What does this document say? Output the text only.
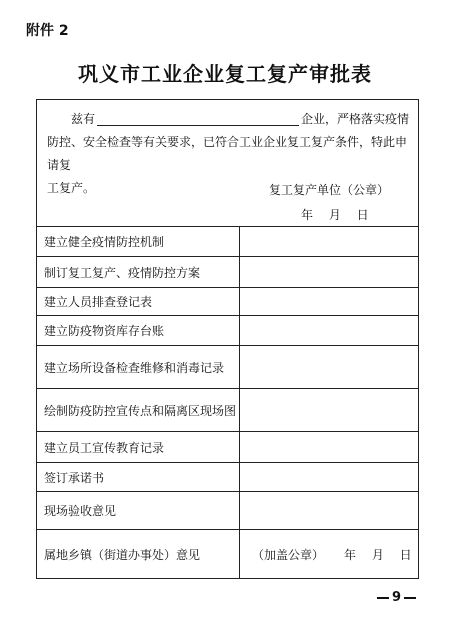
附件 2
巩义市工业企业复工复产审批表
兹有	企业，严格落实疫情
防控、安全检查等有关要求，已符合工业企业复工复产条件，特此申请复
工复产。	复工复产单位（公章）
年 月 日
建立健全疫情防控机制
制订复工复产、疫情防控方案
建立人员排查登记表
建立防疫物资库存台账
建立场所设备检查维修和消毒记录
绘制防疫防控宣传点和隔离区现场图
建立员工宣传教育记录
签订承诺书
现场验收意见
属地乡镇（街道办事处）意见	（加盖公章） 年 月 日
9
